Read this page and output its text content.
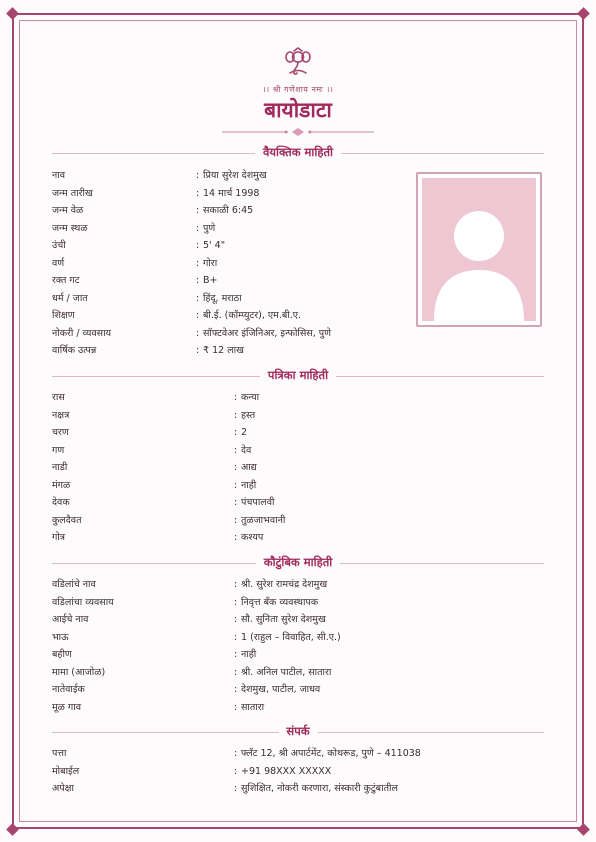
।। श्री गणेशाय नमः ।।
बायोडाटा
वैयक्तिक माहिती
नाव	: प्रिया सुरेश देशमुख
जन्म तारीख	: 14 मार्च 1998
जन्म वेळ	: सकाळी 6:45
जन्म स्थळ	: पुणे
उंची	: 5' 4"
वर्ण	: गोरा
रक्त गट	: B+
धर्म / जात	: हिंदू, मराठा
शिक्षण	: बी.ई. (कॉम्प्युटर), एम.बी.ए.
नोकरी / व्यवसाय	: सॉफ्टवेअर इंजिनिअर, इन्फोसिस, पुणे
वार्षिक उत्पन्न	: ₹ 12 लाख
पत्रिका माहिती
रास	: कन्या
नक्षत्र	: हस्त
चरण	: 2
गण	: देव
नाडी	: आद्य
मंगळ	: नाही
देवक	: पंचपालवी
कुलदैवत	: तुळजाभवानी
गोत्र	: कश्यप
कौटुंबिक माहिती
वडिलांचे नाव	: श्री. सुरेश रामचंद्र देशमुख
वडिलांचा व्यवसाय	: निवृत्त बँक व्यवस्थापक
आईचे नाव	: सौ. सुनिता सुरेश देशमुख
भाऊ	: 1 (राहुल – विवाहित, सी.ए.)
बहीण	: नाही
मामा (आजोळ)	: श्री. अनिल पाटील, सातारा
नातेवाईक	: देशमुख, पाटील, जाधव
मूळ गाव	: सातारा
संपर्क
पत्ता	: फ्लॅट 12, श्री अपार्टमेंट, कोथरूड, पुणे – 411038
मोबाईल	: +91 98XXX XXXXX
अपेक्षा	: सुशिक्षित, नोकरी करणारा, संस्कारी कुटुंबातील
